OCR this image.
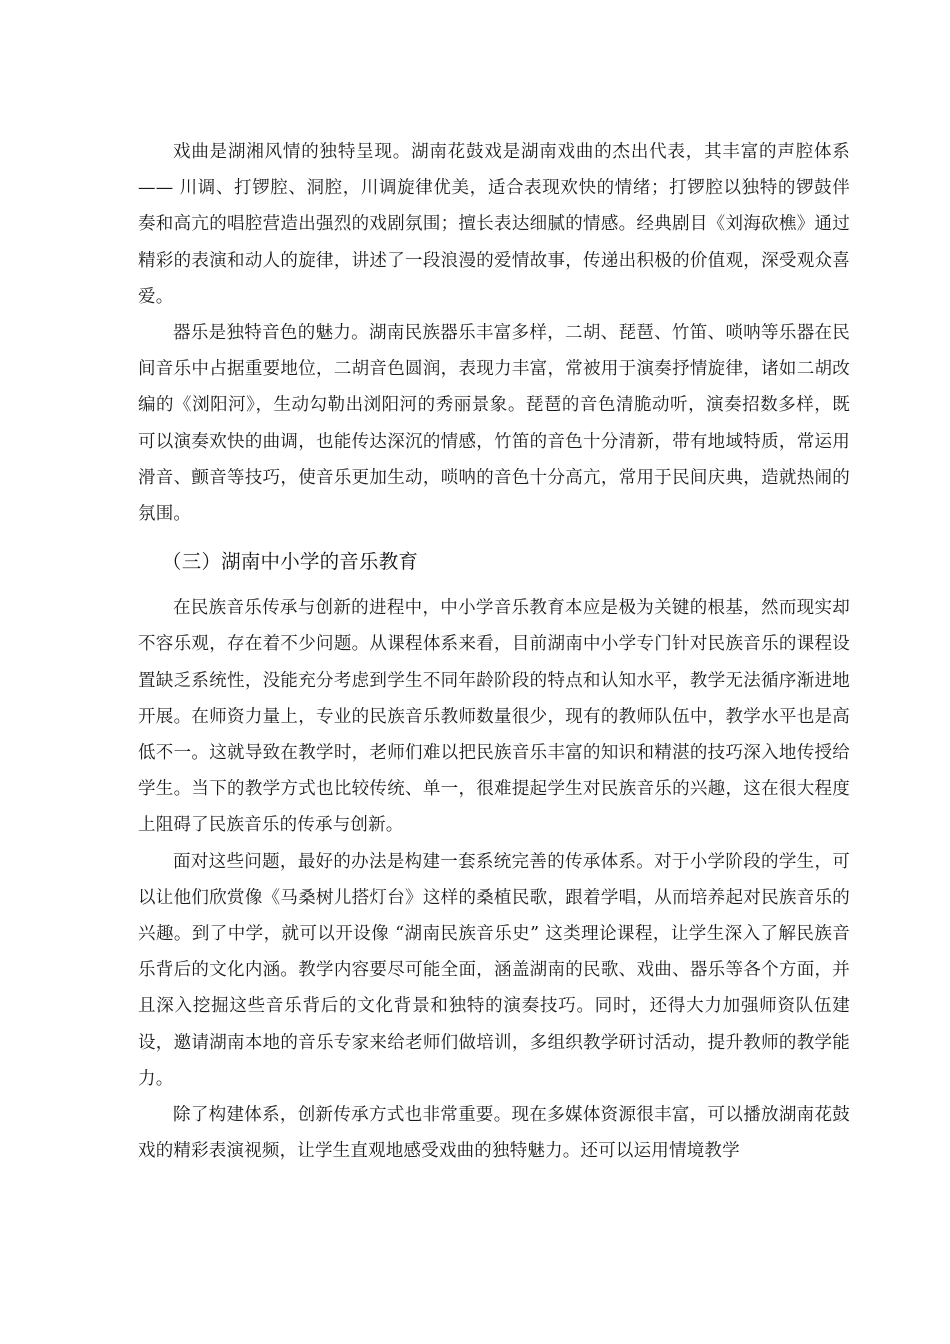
戏曲是湖湘风情的独特呈现。湖南花鼓戏是湖南戏曲的杰出代表，其丰富的声腔体系 —— 川调、打锣腔、洞腔，川调旋律优美，适合表现欢快的情绪；打锣腔以独特的锣鼓伴奏和高亢的唱腔营造出强烈的戏剧氛围；擅长表达细腻的情感。经典剧目《刘海砍樵》通过精彩的表演和动人的旋律，讲述了一段浪漫的爱情故事，传递出积极的价值观，深受观众喜爱。

器乐是独特音色的魅力。湖南民族器乐丰富多样，二胡、琵琶、竹笛、唢呐等乐器在民间音乐中占据重要地位，二胡音色圆润，表现力丰富，常被用于演奏抒情旋律，诸如二胡改编的《浏阳河》，生动勾勒出浏阳河的秀丽景象。琵琶的音色清脆动听，演奏招数多样，既可以演奏欢快的曲调，也能传达深沉的情感，竹笛的音色十分清新，带有地域特质，常运用滑音、颤音等技巧，使音乐更加生动，唢呐的音色十分高亢，常用于民间庆典，造就热闹的氛围。

（三）湖南中小学的音乐教育

在民族音乐传承与创新的进程中，中小学音乐教育本应是极为关键的根基，然而现实却不容乐观，存在着不少问题。从课程体系来看，目前湖南中小学专门针对民族音乐的课程设置缺乏系统性，没能充分考虑到学生不同年龄阶段的特点和认知水平，教学无法循序渐进地开展。在师资力量上，专业的民族音乐教师数量很少，现有的教师队伍中，教学水平也是高低不一。这就导致在教学时，老师们难以把民族音乐丰富的知识和精湛的技巧深入地传授给学生。当下的教学方式也比较传统、单一，很难提起学生对民族音乐的兴趣，这在很大程度上阻碍了民族音乐的传承与创新。

面对这些问题，最好的办法是构建一套系统完善的传承体系。对于小学阶段的学生，可以让他们欣赏像《马桑树儿搭灯台》这样的桑植民歌，跟着学唱，从而培养起对民族音乐的兴趣。到了中学，就可以开设像 “湖南民族音乐史” 这类理论课程，让学生深入了解民族音乐背后的文化内涵。教学内容要尽可能全面，涵盖湖南的民歌、戏曲、器乐等各个方面，并且深入挖掘这些音乐背后的文化背景和独特的演奏技巧。同时，还得大力加强师资队伍建设，邀请湖南本地的音乐专家来给老师们做培训，多组织教学研讨活动，提升教师的教学能力。

除了构建体系，创新传承方式也非常重要。现在多媒体资源很丰富，可以播放湖南花鼓戏的精彩表演视频，让学生直观地感受戏曲的独特魅力。还可以运用情境教学
